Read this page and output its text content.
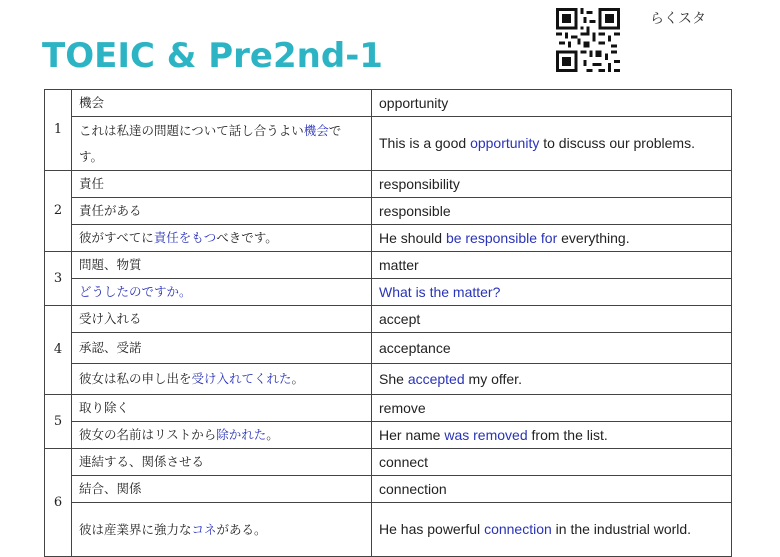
TOEIC & Pre2nd-1
らくスタ
1	機会	opportunity
	これは私達の問題について話し合うよい機会です。	This is a good opportunity to discuss our problems.
2	責任	responsibility
	責任がある	responsible
	彼がすべてに責任をもつべきです。	He should be responsible for everything.
3	問題、物質	matter
	どうしたのですか。	What is the matter?
4	受け入れる	accept
	承認、受諾	acceptance
	彼女は私の申し出を受け入れてくれた。	She accepted my offer.
5	取り除く	remove
	彼女の名前はリストから除かれた。	Her name was removed from the list.
6	連結する、関係させる	connect
	結合、関係	connection
	彼は産業界に強力なコネがある。	He has powerful connection in the industrial world.
